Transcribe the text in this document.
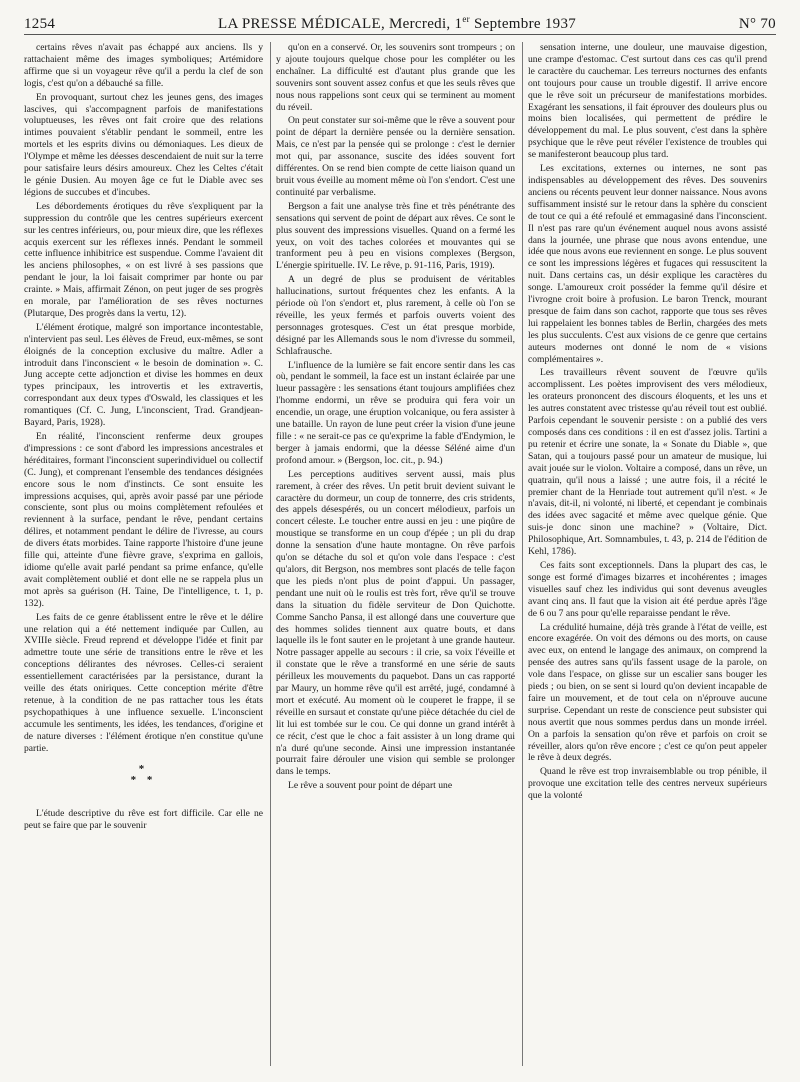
1254	LA PRESSE MÉDICALE, Mercredi, 1er Septembre 1937	N° 70

certains rêves n'avait pas échappé aux anciens. Ils y rattachaient même des images symboliques; Artémidore affirme que si un voyageur rêve qu'il a perdu la clef de son logis, c'est qu'on a débauché sa fille.

En provoquant, surtout chez les jeunes gens, des images lascives, qui s'accompagnent parfois de manifestations voluptueuses, les rêves ont fait croire que des relations intimes pouvaient s'établir pendant le sommeil, entre les mortels et les esprits divins ou démoniaques. Les dieux de l'Olympe et même les déesses descendaient de nuit sur la terre pour satisfaire leurs désirs amoureux. Chez les Celtes c'était le génie Dusien. Au moyen âge ce fut le Diable avec ses légions de succubes et d'incubes.

Les débordements érotiques du rêve s'expliquent par la suppression du contrôle que les centres supérieurs exercent sur les centres inférieurs, ou, pour mieux dire, que les réflexes acquis exercent sur les réflexes innés. Pendant le sommeil cette influence inhibitrice est suspendue. Comme l'avaient dit les anciens philosophes, « on est livré à ses passions que pendant le jour, la loi faisait comprimer par honte ou par crainte. » Mais, affirmait Zénon, on peut juger de ses progrès en morale, par l'amélioration de ses rêves nocturnes (Plutarque, Des progrès dans la vertu, 12).

L'élément érotique, malgré son importance incontestable, n'intervient pas seul. Les élèves de Freud, eux-mêmes, se sont éloignés de la conception exclusive du maître. Adler a introduit dans l'inconscient « le besoin de domination ». C. Jung accepte cette adjonction et divise les hommes en deux types principaux, les introvertis et les extravertis, correspondant aux deux types d'Oswald, les classiques et les romantiques (Cf. C. Jung, L'inconscient, Trad. Grandjean-Bayard, Paris, 1928).

En réalité, l'inconscient renferme deux groupes d'impressions : ce sont d'abord les impressions ancestrales et héréditaires, formant l'inconscient superindividuel ou collectif (C. Jung), et comprenant l'ensemble des tendances désignées encore sous le nom d'instincts. Ce sont ensuite les impressions acquises, qui, après avoir passé par une période consciente, sont plus ou moins complètement refoulées et reviennent à la surface, pendant le rêve, pendant certains délires, et notamment pendant le délire de l'ivresse, au cours de divers états morbides. Taine rapporte l'histoire d'une jeune fille qui, atteinte d'une fièvre grave, s'exprima en gallois, idiome qu'elle avait parlé pendant sa prime enfance, qu'elle avait complètement oublié et dont elle ne se rappela plus un mot après sa guérison (H. Taine, De l'intelligence, t. 1, p. 132).

Les faits de ce genre établissent entre le rêve et le délire une relation qui a été nettement indiquée par Cullen, au XVIIIe siècle. Freud reprend et développe l'idée et finit par admettre toute une série de transitions entre le rêve et les conceptions délirantes des névroses. Celles-ci seraient essentiellement caractérisées par la persistance, durant la veille des états oniriques. Cette conception mérite d'être retenue, à la condition de ne pas rattacher tous les états psychopathiques à une influence sexuelle. L'inconscient accumule les sentiments, les idées, les tendances, d'origine et de nature diverses : l'élément érotique n'en constitue qu'une partie.

*
* *

L'étude descriptive du rêve est fort difficile. Car elle ne peut se faire que par le souvenir

qu'on en a conservé. Or, les souvenirs sont trompeurs ; on y ajoute toujours quelque chose pour les compléter ou les enchaîner. La difficulté est d'autant plus grande que les souvenirs sont souvent assez confus et que les seuls rêves que nous nous rappelions sont ceux qui se terminent au moment du réveil.

On peut constater sur soi-même que le rêve a souvent pour point de départ la dernière pensée ou la dernière sensation. Mais, ce n'est par la pensée qui se prolonge : c'est le dernier mot qui, par assonance, suscite des idées souvent fort différentes. On se rend bien compte de cette liaison quand un bruit vous éveille au moment même où l'on s'endort. C'est une continuité par verbalisme.

Bergson a fait une analyse très fine et très pénétrante des sensations qui servent de point de départ aux rêves. Ce sont le plus souvent des impressions visuelles. Quand on a fermé les yeux, on voit des taches colorées et mouvantes qui se tranforment peu à peu en visions complexes (Bergson, L'énergie spirituelle. IV. Le rêve, p. 91-116, Paris, 1919).

A un degré de plus se produisent de véritables hallucinations, surtout fréquentes chez les enfants. A la période où l'on s'endort et, plus rarement, à celle où l'on se réveille, les yeux fermés et parfois ouverts voient des personnages grotesques. C'est un état presque morbide, désigné par les Allemands sous le nom d'ivresse du sommeil, Schlafrausche.

L'influence de la lumière se fait encore sentir dans les cas où, pendant le sommeil, la face est un instant éclairée par une lueur passagère : les sensations étant toujours amplifiées chez l'homme endormi, un rêve se produira qui fera voir un encendie, un orage, une éruption volcanique, ou fera assister à une bataille. Un rayon de lune peut créer la vision d'une jeune fille : « ne serait-ce pas ce qu'exprime la fable d'Endymion, le berger à jamais endormi, que la déesse Séléné aime d'un profond amour. » (Bergson, loc. cit., p. 94.)

Les perceptions auditives servent aussi, mais plus rarement, à créer des rêves. Un petit bruit devient suivant le caractère du dormeur, un coup de tonnerre, des cris stridents, des appels désespérés, ou un concert mélodieux, parfois un concert céleste. Le toucher entre aussi en jeu : une piqûre de moustique se transforme en un coup d'épée ; un pli du drap donne la sensation d'une haute montagne. On rêve parfois qu'on se détache du sol et qu'on vole dans l'espace : c'est qu'alors, dit Bergson, nos membres sont placés de telle façon que les pieds n'ont plus de point d'appui. Un passager, pendant une nuit où le roulis est très fort, rêve qu'il se trouve dans la situation du fidèle serviteur de Don Quichotte. Comme Sancho Pansa, il est allongé dans une couverture que des hommes solides tiennent aux quatre bouts, et dans laquelle ils le font sauter en le projetant à une grande hauteur. Notre passager appelle au secours : il crie, sa voix l'éveille et il constate que le rêve a transformé en une série de sauts périlleux les mouvements du paquebot. Dans un cas rapporté par Maury, un homme rêve qu'il est arrêté, jugé, condamné à mort et exécuté. Au moment où le couperet le frappe, il se réveille en sursaut et constate qu'une pièce détachée du ciel de lit lui est tombée sur le cou. Ce qui donne un grand intérêt à ce récit, c'est que le choc a fait assister à un long drame qui n'a duré qu'une seconde. Ainsi une impression instantanée pourrait faire dérouler une vision qui semble se prolonger dans le temps.

Le rêve a souvent pour point de départ une

sensation interne, une douleur, une mauvaise digestion, une crampe d'estomac. C'est surtout dans ces cas qu'il prend le caractère du cauchemar. Les terreurs nocturnes des enfants ont toujours pour cause un trouble digestif. Il arrive encore que le rêve soit un précurseur de manifestations morbides. Exagérant les sensations, il fait éprouver des douleurs plus ou moins bien localisées, qui permettent de prédire le développement du mal. Le plus souvent, c'est dans la sphère psychique que le rêve peut révéler l'existence de troubles qui se manifesteront beaucoup plus tard.

Les excitations, externes ou internes, ne sont pas indispensables au développement des rêves. Des souvenirs anciens ou récents peuvent leur donner naissance. Nous avons suffisamment insisté sur le retour dans la sphère du conscient de tout ce qui a été refoulé et emmagasiné dans l'inconscient. Il n'est pas rare qu'un événement auquel nous avons assisté dans la journée, une phrase que nous avons entendue, une idée que nous avons eue reviennent en songe. Le plus souvent ce sont les impressions légères et fugaces qui ressuscitent la nuit. Dans certains cas, un désir explique les caractères du songe. L'amoureux croit posséder la femme qu'il désire et l'ivrogne croit boire à profusion. Le baron Trenck, mourant presque de faim dans son cachot, rapporte que tous ses rêves lui rappelaient les bonnes tables de Berlin, chargées des mets les plus succulents. C'est aux visions de ce genre que certains auteurs modernes ont donné le nom de « visions complémentaires ».

Les travailleurs rêvent souvent de l'œuvre qu'ils accomplissent. Les poètes improvisent des vers mélodieux, les orateurs prononcent des discours éloquents, et les uns et les autres constatent avec tristesse qu'au réveil tout est oublié. Parfois cependant le souvenir persiste : on a publié des vers composés dans ces conditions : il en est d'assez jolis. Tartini a pu retenir et écrire une sonate, la « Sonate du Diable », que Satan, qui a toujours passé pour un amateur de musique, lui avait jouée sur le violon. Voltaire a composé, dans un rêve, un quatrain, qu'il nous a laissé ; une autre fois, il a récité le premier chant de la Henriade tout autrement qu'il n'est. « Je n'avais, dit-il, ni volonté, ni liberté, et cependant je combinais des idées avec sagacité et même avec quelque génie. Que suis-je donc sinon une machine? » (Voltaire, Dict. Philosophique, Art. Somnambules, t. 43, p. 214 de l'édition de Kehl, 1786).

Ces faits sont exceptionnels. Dans la plupart des cas, le songe est formé d'images bizarres et incohérentes ; images visuelles sauf chez les individus qui sont devenus aveugles avant cinq ans. Il faut que la vision ait été perdue après l'âge de 6 ou 7 ans pour qu'elle reparaisse pendant le rêve.

La crédulité humaine, déjà très grande à l'état de veille, est encore exagérée. On voit des démons ou des morts, on cause avec eux, on entend le langage des animaux, on comprend la pensée des autres sans qu'ils fassent usage de la parole, on vole dans l'espace, on glisse sur un escalier sans bouger les pieds ; ou bien, on se sent si lourd qu'on devient incapable de faire un mouvement, et de tout cela on n'éprouve aucune surprise. Cependant un reste de conscience peut subsister qui nous avertit que nous sommes perdus dans un monde irréel. On a parfois la sensation qu'on rêve et parfois on croit se réveiller, alors qu'on rêve encore ; c'est ce qu'on peut appeler le rêve à deux degrés.

Quand le rêve est trop invraisemblable ou trop pénible, il provoque une excitation telle des centres nerveux supérieurs que la volonté
